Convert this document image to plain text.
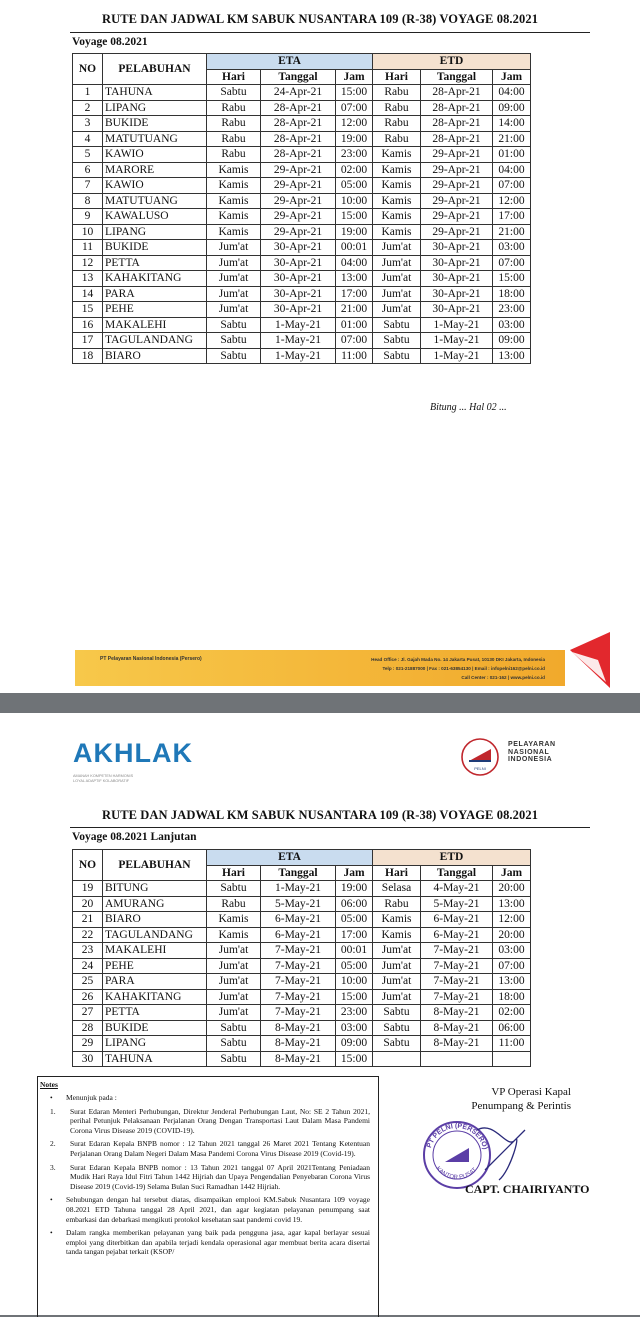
RUTE DAN JADWAL KM SABUK NUSANTARA 109 (R-38) VOYAGE 08.2021
Voyage 08.2021
NO	PELABUHAN	ETA			ETD		
		Hari	Tanggal	Jam	Hari	Tanggal	Jam
1	TAHUNA	Sabtu	24-Apr-21	15:00	Rabu	28-Apr-21	04:00
2	LIPANG	Rabu	28-Apr-21	07:00	Rabu	28-Apr-21	09:00
3	BUKIDE	Rabu	28-Apr-21	12:00	Rabu	28-Apr-21	14:00
4	MATUTUANG	Rabu	28-Apr-21	19:00	Rabu	28-Apr-21	21:00
5	KAWIO	Rabu	28-Apr-21	23:00	Kamis	29-Apr-21	01:00
6	MARORE	Kamis	29-Apr-21	02:00	Kamis	29-Apr-21	04:00
7	KAWIO	Kamis	29-Apr-21	05:00	Kamis	29-Apr-21	07:00
8	MATUTUANG	Kamis	29-Apr-21	10:00	Kamis	29-Apr-21	12:00
9	KAWALUSO	Kamis	29-Apr-21	15:00	Kamis	29-Apr-21	17:00
10	LIPANG	Kamis	29-Apr-21	19:00	Kamis	29-Apr-21	21:00
11	BUKIDE	Jum'at	30-Apr-21	00:01	Jum'at	30-Apr-21	03:00
12	PETTA	Jum'at	30-Apr-21	04:00	Jum'at	30-Apr-21	07:00
13	KAHAKITANG	Jum'at	30-Apr-21	13:00	Jum'at	30-Apr-21	15:00
14	PARA	Jum'at	30-Apr-21	17:00	Jum'at	30-Apr-21	18:00
15	PEHE	Jum'at	30-Apr-21	21:00	Jum'at	30-Apr-21	23:00
16	MAKALEHI	Sabtu	1-May-21	01:00	Sabtu	1-May-21	03:00
17	TAGULANDANG	Sabtu	1-May-21	07:00	Sabtu	1-May-21	09:00
18	BIARO	Sabtu	1-May-21	11:00	Sabtu	1-May-21	13:00
Bitung ... Hal 02 ...
PT Pelayaran Nasional Indonesia (Persero)	Head Office : Jl. Gajah Mada No. 14 Jakarta Pusat, 10130 DKI Jakarta, Indonesia
Telp : 021-21887000 | Fax : 021-63854130 | Email : infopelni162@pelni.co.id
Call Center : 021-162 | www.pelni.co.id
AKHLAK
AMANAH KOMPETEN HARMONIS
LOYAL ADAPTIF KOLABORATIF
PELNI
PELAYARAN
NASIONAL
INDONESIA
RUTE DAN JADWAL KM SABUK NUSANTARA 109 (R-38) VOYAGE 08.2021
Voyage 08.2021 Lanjutan
NO	PELABUHAN	ETA			ETD		
		Hari	Tanggal	Jam	Hari	Tanggal	Jam
19	BITUNG	Sabtu	1-May-21	19:00	Selasa	4-May-21	20:00
20	AMURANG	Rabu	5-May-21	06:00	Rabu	5-May-21	13:00
21	BIARO	Kamis	6-May-21	05:00	Kamis	6-May-21	12:00
22	TAGULANDANG	Kamis	6-May-21	17:00	Kamis	6-May-21	20:00
23	MAKALEHI	Jum'at	7-May-21	00:01	Jum'at	7-May-21	03:00
24	PEHE	Jum'at	7-May-21	05:00	Jum'at	7-May-21	07:00
25	PARA	Jum'at	7-May-21	10:00	Jum'at	7-May-21	13:00
26	KAHAKITANG	Jum'at	7-May-21	15:00	Jum'at	7-May-21	18:00
27	PETTA	Jum'at	7-May-21	23:00	Sabtu	8-May-21	02:00
28	BUKIDE	Sabtu	8-May-21	03:00	Sabtu	8-May-21	06:00
29	LIPANG	Sabtu	8-May-21	09:00	Sabtu	8-May-21	11:00
30	TAHUNA	Sabtu	8-May-21	15:00			
Notes

• Menunjuk pada :

1. Surat Edaran Menteri Perhubungan, Direktur Jenderal Perhubungan Laut, No: SE 2 Tahun 2021, perihal Petunjuk Pelaksanaan Perjalanan Orang Dengan Transportasi Laut Dalam Masa Pandemi Corona Virus Disease 2019 (COVID-19).

2. Surat Edaran Kepala BNPB nomor : 12 Tahun 2021 tanggal 26 Maret 2021 Tentang Ketentuan Perjalanan Orang Dalam Negeri Dalam Masa Pandemi Corona Virus Disease 2019 (Covid-19).

3. Surat Edaran Kepala BNPB nomor : 13 Tahun 2021 tanggal 07 April 2021Tentang Peniadaan Mudik Hari Raya Idul Fitri Tahun 1442 Hijriah dan Upaya Pengendalian Penyebaran Corona Virus Disease 2019 (Covid-19) Selama Bulan Suci Ramadhan 1442 Hijriah.

• Sehubungan dengan hal tersebut diatas, disampaikan emplooi KM.Sabuk Nusantara 109 voyage 08.2021 ETD Tahuna tanggal 28 April 2021, dan agar kegiatan pelayanan penumpang saat embarkasi dan debarkasi mengikuti protokol kesehatan saat pandemi covid 19.

• Dalam rangka memberikan pelayanan yang baik pada pengguna jasa, agar kapal berlayar sesuai emploi yang diterbitkan dan apabila terjadi kendala operasional agar membuat berita acara disertai tanda tangan pejabat terkait (KSOP/

VP Operasi Kapal
Penumpang & Perintis
PT PELNI (PERSERO)
KANTOR PUSAT
CAPT. CHAIRIYANTO
